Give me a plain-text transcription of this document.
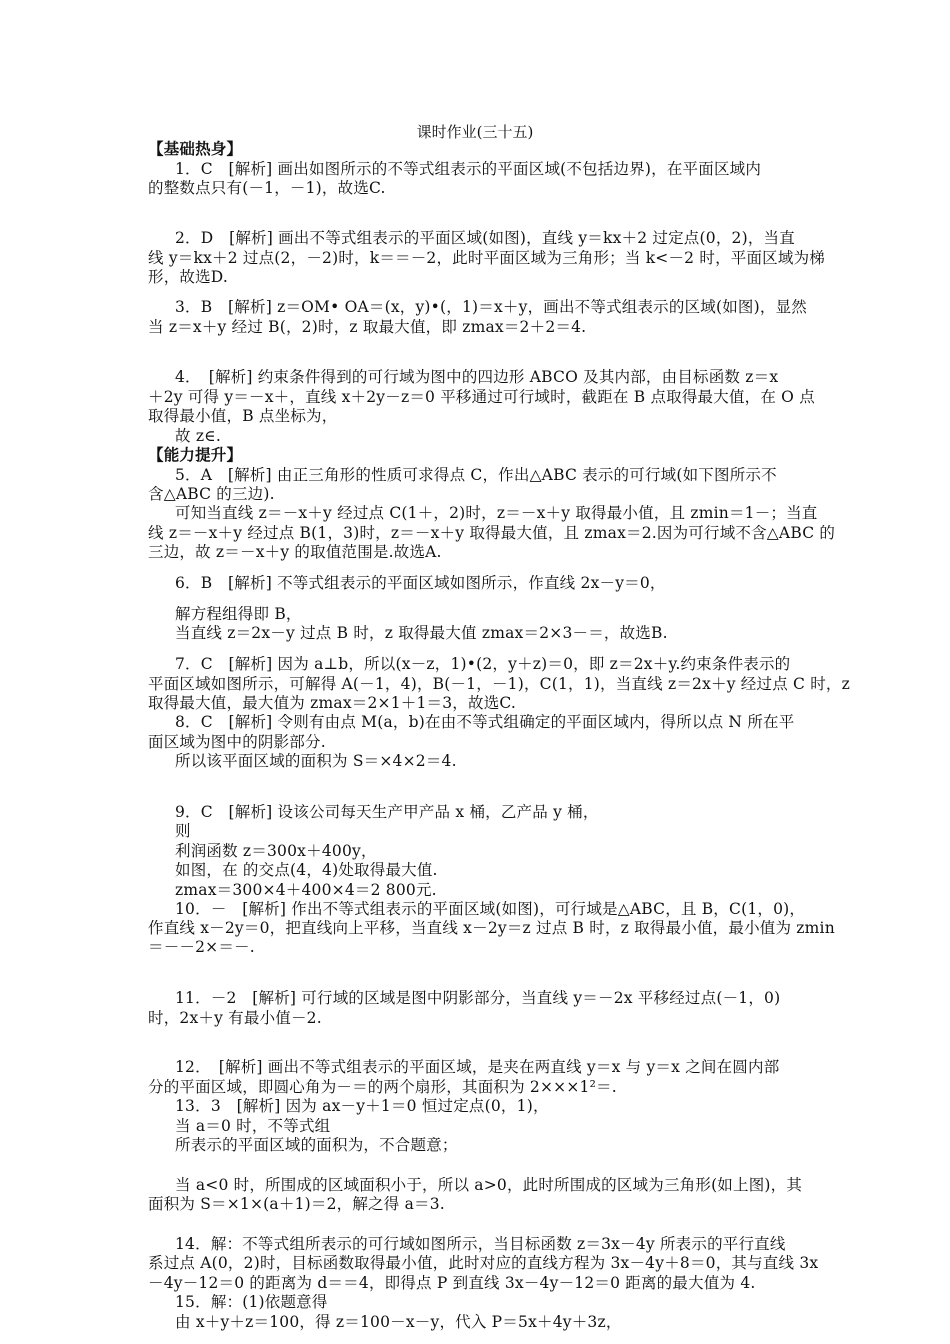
课时作业(三十五)
【基础热身】
1．C　[解析] 画出如图所示的不等式组表示的平面区域(不包括边界)，在平面区域内
的整数点只有(－1，－1)，故选C.
2．D　[解析] 画出不等式组表示的平面区域(如图)，直线 y＝kx＋2 过定点(0，2)，当直
线 y＝kx＋2 过点(2，－2)时，k＝＝－2，此时平面区域为三角形；当 k<－2 时，平面区域为梯
形，故选D.
3．B　[解析] z＝OM• OA＝(x，y)•(，1)＝x＋y，画出不等式组表示的区域(如图)，显然
当 z＝x＋y 经过 B(，2)时，z 取最大值，即 zmax＝2＋2＝4.
4．　[解析] 约束条件得到的可行域为图中的四边形 ABCO 及其内部，由目标函数 z＝x
＋2y 可得 y＝－x＋，直线 x＋2y－z＝0 平移通过可行域时，截距在 B 点取得最大值，在 O 点
取得最小值，B 点坐标为，
故 z∈.
【能力提升】
5．A　[解析] 由正三角形的性质可求得点 C，作出△ABC 表示的可行域(如下图所示不
含△ABC 的三边).
可知当直线 z＝－x＋y 经过点 C(1＋，2)时，z＝－x＋y 取得最小值，且 zmin＝1－；当直
线 z＝－x＋y 经过点 B(1，3)时，z＝－x＋y 取得最大值，且 zmax＝2.因为可行域不含△ABC 的
三边，故 z＝－x＋y 的取值范围是.故选A.
6．B　[解析] 不等式组表示的平面区域如图所示，作直线 2x－y＝0，
解方程组得即 B，
当直线 z＝2x－y 过点 B 时，z 取得最大值 zmax＝2×3－＝，故选B.
7．C　[解析] 因为 a⊥b，所以(x－z，1)•(2，y＋z)＝0，即 z＝2x＋y.约束条件表示的
平面区域如图所示，可解得 A(－1，4)，B(－1，－1)，C(1，1)，当直线 z＝2x＋y 经过点 C 时，z
取得最大值，最大值为 zmax＝2×1＋1＝3，故选C.
8．C　[解析] 令则有由点 M(a，b)在由不等式组确定的平面区域内，得所以点 N 所在平
面区域为图中的阴影部分.
所以该平面区域的面积为 S＝×4×2＝4.
9．C　[解析] 设该公司每天生产甲产品 x 桶，乙产品 y 桶，
则
利润函数 z＝300x＋400y，
如图，在 的交点(4，4)处取得最大值.
zmax＝300×4＋400×4＝2 800元.
10．－　[解析] 作出不等式组表示的平面区域(如图)，可行域是△ABC，且 B，C(1，0)，
作直线 x－2y＝0，把直线向上平移，当直线 x－2y＝z 过点 B 时，z 取得最小值，最小值为 zmin
＝－－2×＝－.
11．－2　[解析] 可行域的区域是图中阴影部分，当直线 y＝－2x 平移经过点(－1，0)
时，2x＋y 有最小值－2.
12．　[解析] 画出不等式组表示的平面区域，是夹在两直线 y＝x 与 y＝x 之间在圆内部
分的平面区域，即圆心角为－＝的两个扇形，其面积为 2×××1²＝.
13．3　[解析] 因为 ax－y＋1＝0 恒过定点(0，1)，
当 a＝0 时，不等式组
所表示的平面区域的面积为，不合题意；
当 a<0 时，所围成的区域面积小于，所以 a>0，此时所围成的区域为三角形(如上图)，其
面积为 S＝×1×(a＋1)＝2，解之得 a＝3.
14．解：不等式组所表示的可行域如图所示，当目标函数 z＝3x－4y 所表示的平行直线
系过点 A(0，2)时，目标函数取得最小值，此时对应的直线方程为 3x－4y＋8＝0，其与直线 3x
－4y－12＝0 的距离为 d＝＝4，即得点 P 到直线 3x－4y－12＝0 距离的最大值为 4.
15．解：(1)依题意得
由 x＋y＋z＝100，得 z＝100－x－y，代入 P＝5x＋4y＋3z，
